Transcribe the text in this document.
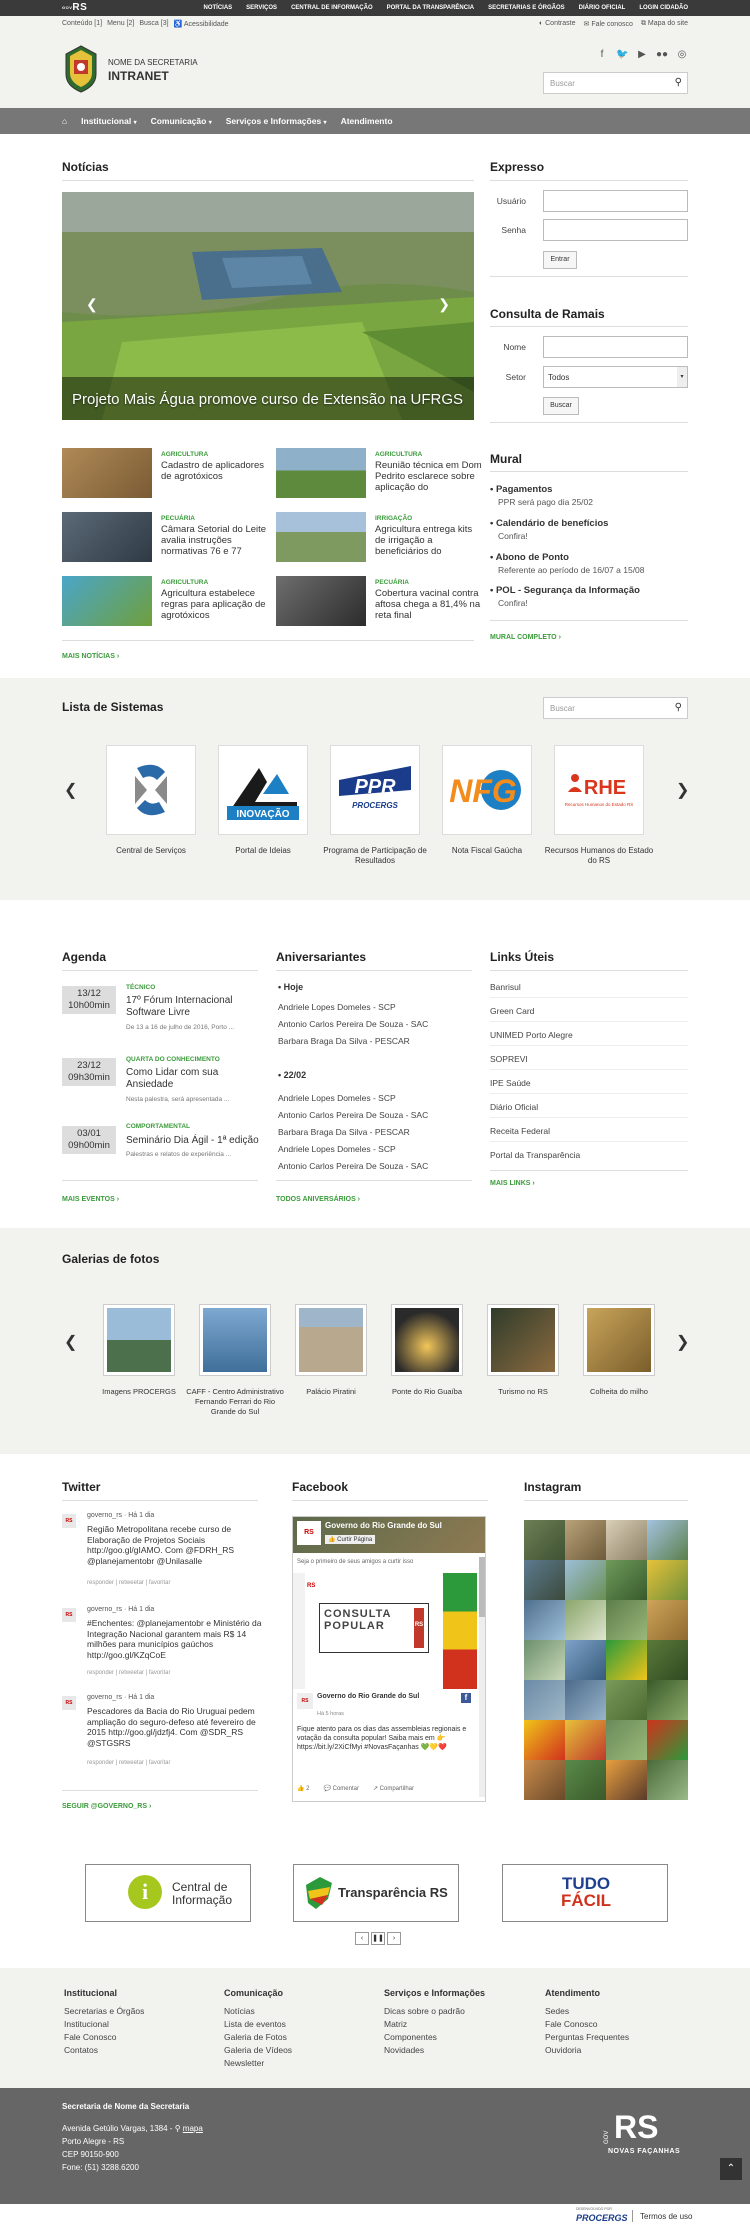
GOVRS	NOTÍCIAS SERVIÇOS CENTRAL DE INFORMAÇÃO PORTAL DA TRANSPARÊNCIA SECRETARIAS E ÓRGÃOS DIÁRIO OFICIAL LOGIN CIDADÃO
Conteúdo [1] Menu [2] Busca [3] ♿ Acessibilidade	◐ Contraste ✉ Fale conosco ⧉ Mapa do site
NOME DA SECRETARIA
INTRANET
f	🐦 ▶ ●● ◎
Buscar	⚲
⌂ Institucional ▾ Comunicação ▾ Serviços e Informações ▾ Atendimento
Notícias
Projeto Mais Água promove curso de Extensão na UFRGS
❮	❯
AGRICULTURA
Cadastro de aplicadores de agrotóxicos
AGRICULTURA
Reunião técnica em Dom Pedrito esclarece sobre aplicação do
PECUÁRIA
Câmara Setorial do Leite avalia instruções normativas 76 e 77
IRRIGAÇÃO
Agricultura entrega kits de irrigação a beneficiários do
AGRICULTURA
Agricultura estabelece regras para aplicação de agrotóxicos
PECUÁRIA
Cobertura vacinal contra aftosa chega a 81,4% na reta final
MAIS NOTÍCIAS ›
Expresso
Usuário
Senha
Entrar
Consulta de Ramais
Nome
Setor	Todos	▾
Buscar
Mural
• Pagamentos
PPR será pago dia 25/02
• Calendário de benefícios
Confira!
• Abono de Ponto
Referente ao período de 16/07 a 15/08
• POL - Segurança da Informação
Confira!
MURAL COMPLETO ›
Lista de Sistemas	Buscar	⚲
❮	❯
INOVAÇÃO
PPR
PROCERGS NFG	RHE
Recursos Humanos do Estado RS
Central de Serviços	Portal de Ideias	Programa de Participação de Resultados
Nota Fiscal Gaúcha	Recursos Humanos do Estado do RS
Agenda
13/12
10h00min
TÉCNICO
17º Fórum Internacional Software Livre
De 13 a 16 de julho de 2016, Porto ...
23/12
09h30min
QUARTA DO CONHECIMENTO
Como Lidar com sua Ansiedade
Nesta palestra, será apresentada ...
03/01
09h00min
COMPORTAMENTAL
Seminário Dia Ágil - 1ª edição
Palestras e relatos de experiência ...
MAIS EVENTOS ›
Aniversariantes
• Hoje
Andriele Lopes Domeles - SCP
Antonio Carlos Pereira De Souza - SAC
Barbara Braga Da Silva - PESCAR
• 22/02
Andriele Lopes Domeles - SCP
Antonio Carlos Pereira De Souza - SAC
Barbara Braga Da Silva - PESCAR
Andriele Lopes Domeles - SCP
Antonio Carlos Pereira De Souza - SAC
TODOS ANIVERSÁRIOS ›
Links Úteis
Banrisul
Green Card
UNIMED Porto Alegre
SOPREVI
IPE Saúde
Diário Oficial
Receita Federal
Portal da Transparência
MAIS LINKS ›
Galerias de fotos
❮	❯
Imagens PROCERGS	CAFF - Centro Administrativo Fernando Ferrari do Rio Grande do Sul
Palácio Piratini	Ponte do Rio Guaíba	Turismo no RS	Colheita do milho
Twitter
RS
governo_rs · Há 1 dia
Região Metropolitana recebe curso de Elaboração de Projetos Sociais http://goo.gl/gIAMO. Com @FDRH_RS @planejamentobr @Unilasalle
responder | retweetar | favoritar
RS
governo_rs · Há 1 dia
#Enchentes: @planejamentobr e Ministério da Integração Nacional garantem mais R$ 14 milhões para municípios gaúchos http://goo.gl/KZqCoE
responder | retweetar | favoritar
RS
governo_rs · Há 1 dia
Pescadores da Bacia do Rio Uruguai pedem ampliação do seguro-defeso até fevereiro de 2015 http://goo.gl/jdzfj4. Com @SDR_RS @STGSRS
responder | retweetar | favoritar
SEGUIR @GOVERNO_RS ›
Facebook
RS
Governo do Rio Grande do Sul
👍 Curtir Página
Seja o primeiro de seus amigos a curtir isso
RS
CONSULTA
POPULAR	RS
RS
Governo do Rio Grande do Sul
Há 5 horas
f
Fique atento para os dias das assembleias regionais e votação da consulta popular! Saiba mais em 👉 https://bit.ly/2XiCfMyi #NovasFaçanhas 💚💛❤️
👍 2 💬 Comentar ↗ Compartilhar
Instagram
i	Central de Informação	Transparência RS	TUDO
FÁCIL
‹	❚❚	›
Institucional
Secretarias e Órgãos
Institucional
Fale Conosco
Contatos
Comunicação
Notícias
Lista de eventos
Galeria de Fotos
Galeria de Vídeos
Newsletter
Serviços e Informações
Dicas sobre o padrão
Matriz
Componentes
Novidades
Atendimento
Sedes
Fale Conosco
Perguntas Frequentes
Ouvidoria
Secretaria de Nome da Secretaria
Avenida Getúlio Vargas, 1384 - ⚲ mapa
Porto Alegre - RS
CEP 90150-900
Fone: (51) 3288.6200
GOV RS
NOVAS FAÇANHAS
⌃
DESENVOLVIDO POR
PROCERGS Termos de uso
